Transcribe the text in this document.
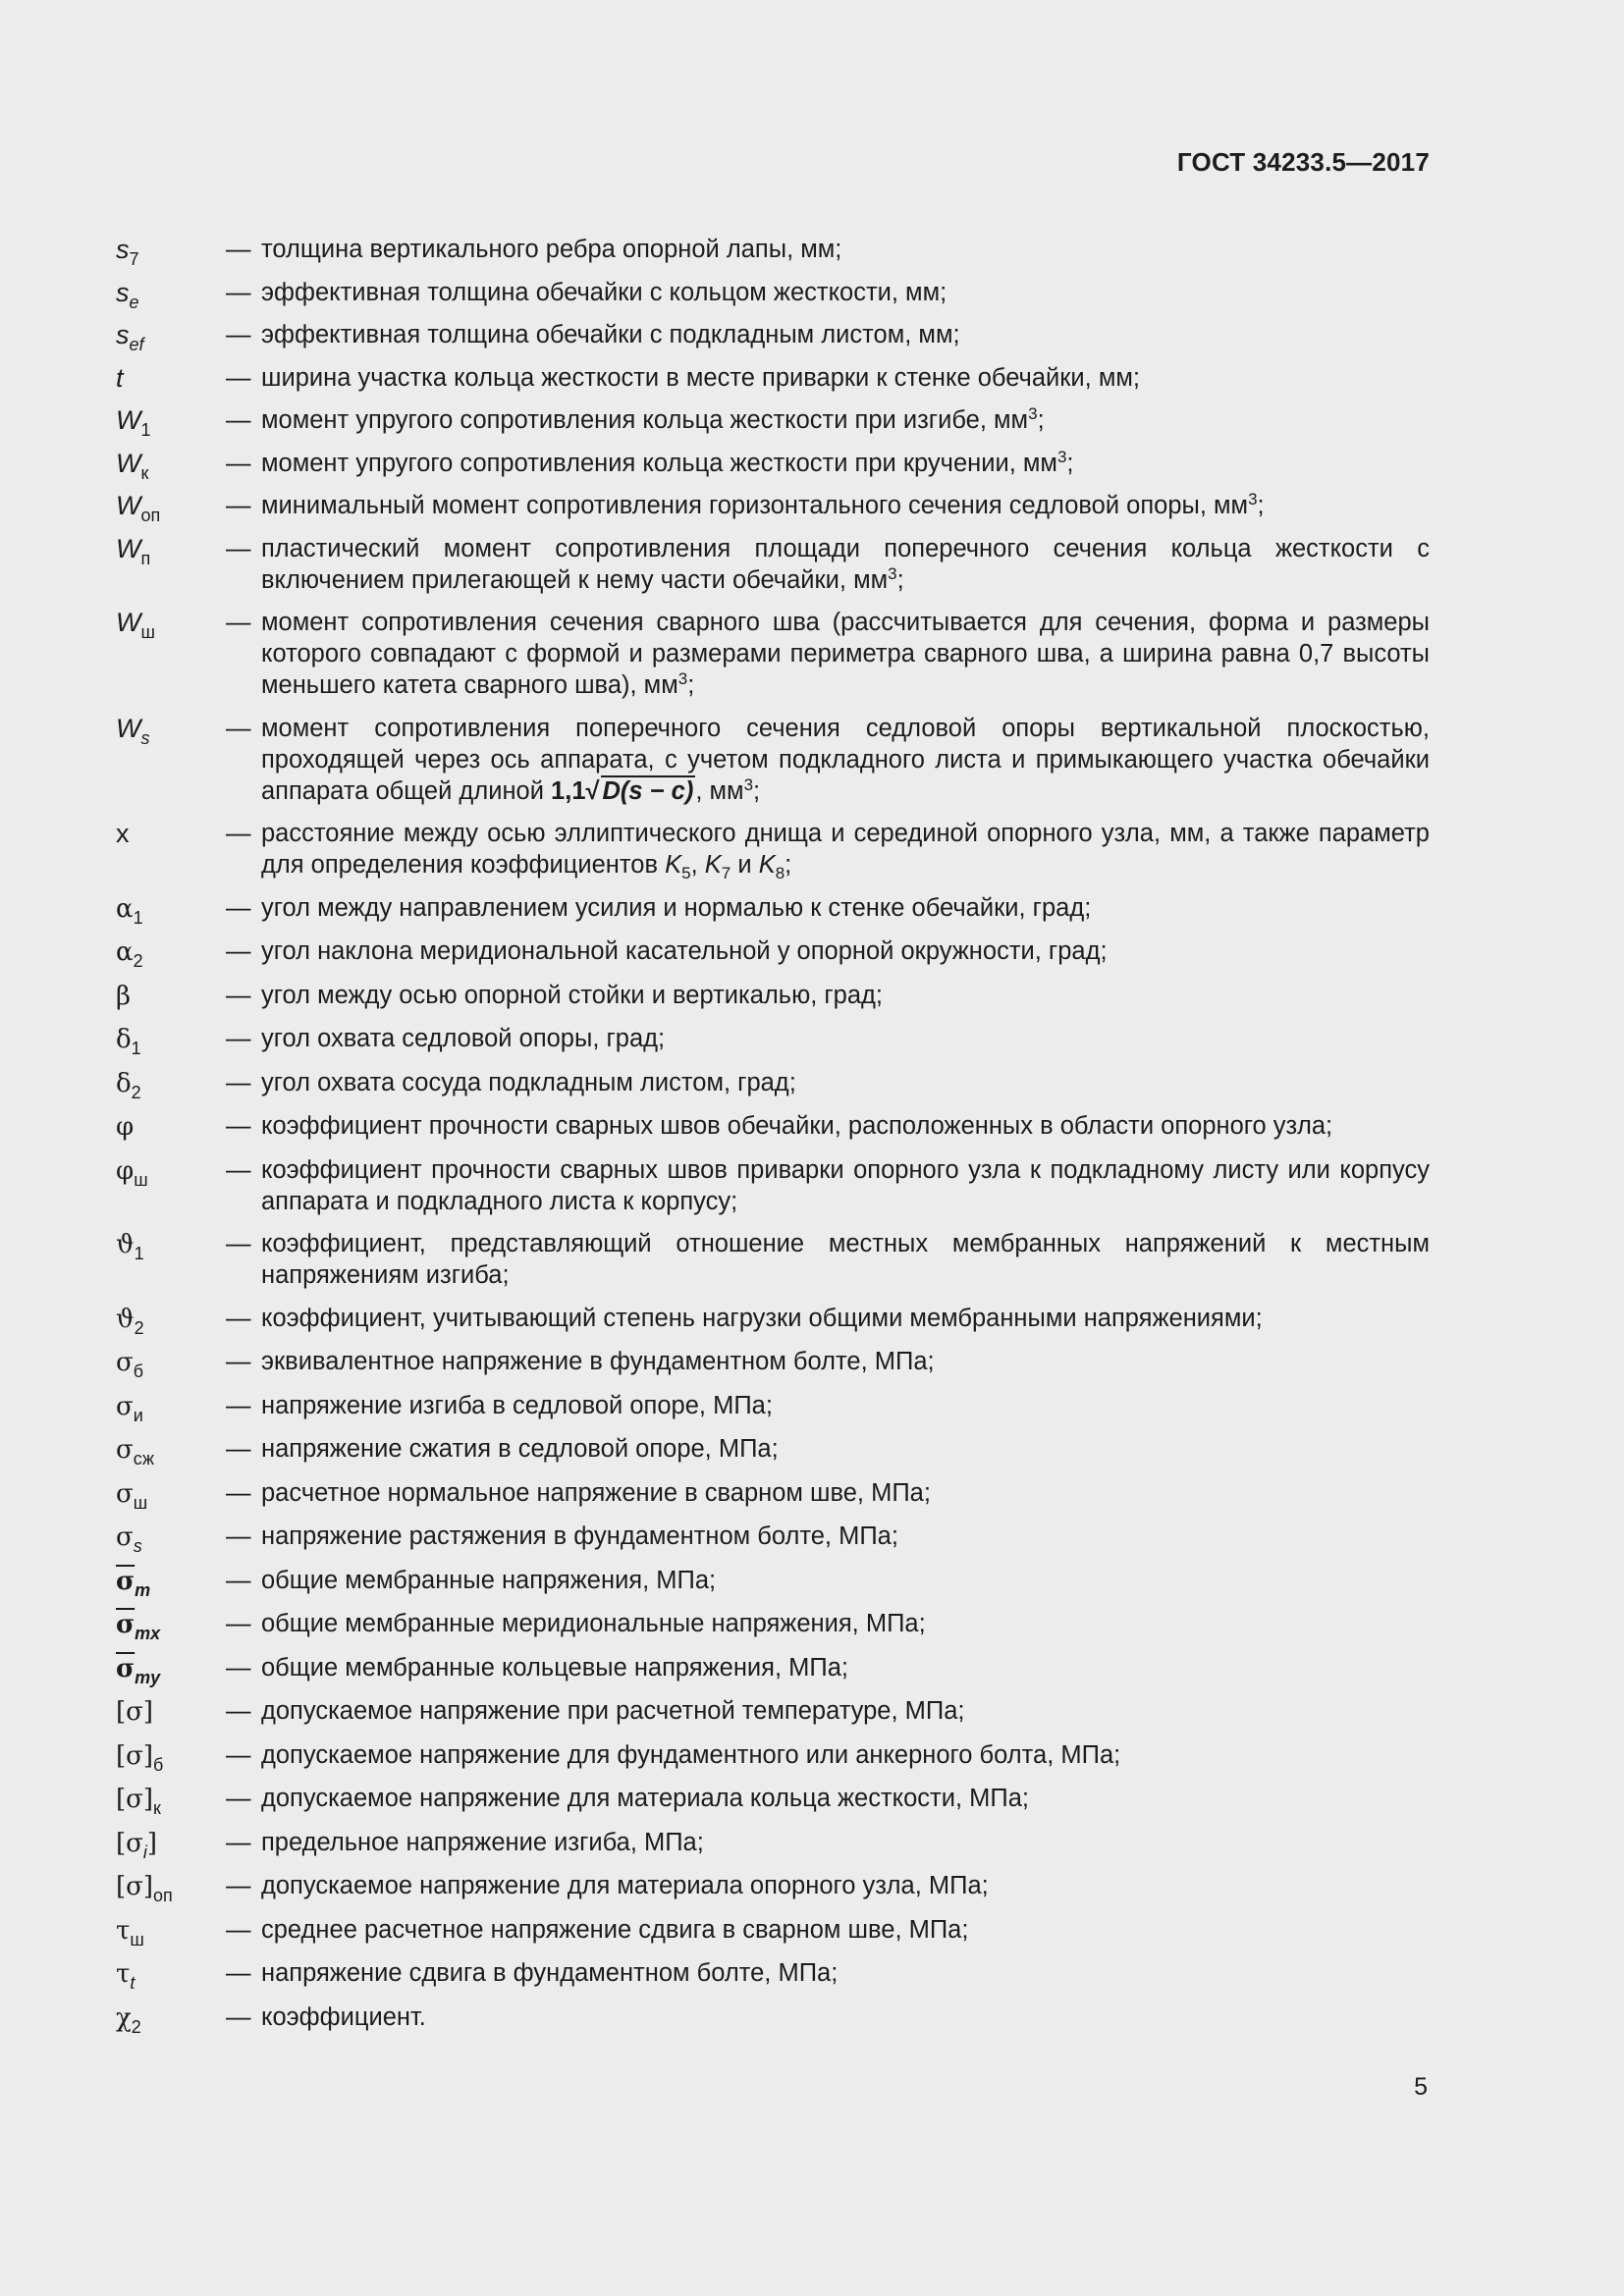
ГОСТ 34233.5—2017
$s_7$	— толщина вертикального ребра опорной лапы, мм;
$s_e$	— эффективная толщина обечайки с кольцом жесткости, мм;
$s_{ef}$	— эффективная толщина обечайки с подкладным листом, мм;
t	— ширина участка кольца жесткости в месте приварки к стенке обечайки, мм;
$W_1$	— момент упругого сопротивления кольца жесткости при изгибе, $мм^3$;
$W_к$	— момент упругого сопротивления кольца жесткости при кручении, $мм^3$;
$W_{оп}$	— минимальный момент сопротивления горизонтального сечения седловой опоры, $мм^3$;
$W_п$	— пластический момент сопротивления площади поперечного сечения кольца жесткости с включением прилегающей к нему части обечайки, $мм^3$;
$W_ш$	— момент сопротивления сечения сварного шва (рассчитывается для сечения, форма и размеры которого совпадают с формой и размерами периметра сварного шва, а ширина равна 0,7 высоты меньшего катета сварного шва), $мм^3$;
$W_s$	— момент сопротивления поперечного сечения седловой опоры вертикальной плоскостью, проходящей через ось аппарата, с учетом подкладного листа и примыкающего участка обечайки аппарата общей длиной 1,1√ D(s − c), $мм^3$;
x	— расстояние между осью эллиптического днища и серединой опорного узла, мм, а также параметр для определения коэффициентов $K_5$, $K_7$ и $K_8$;
$\alpha_1$	— угол между направлением усилия и нормалью к стенке обечайки, град;
$\alpha_2$	— угол наклона меридиональной касательной у опорной окружности, град;
β	— угол между осью опорной стойки и вертикалью, град;
$\delta_1$	— угол охвата седловой опоры, град;
$\delta_2$	— угол охвата сосуда подкладным листом, град;
φ	— коэффициент прочности сварных швов обечайки, расположенных в области опорного узла;
$\varphi_ш$	— коэффициент прочности сварных швов приварки опорного узла к подкладному листу или корпусу аппарата и подкладного листа к корпусу;
$ϑ_1$	— коэффициент, представляющий отношение местных мембранных напряжений к местным напряжениям изгиба;
$ϑ_2$	— коэффициент, учитывающий степень нагрузки общими мембранными напряжениями;
$\sigma_б$	— эквивалентное напряжение в фундаментном болте, МПа;
$\sigma_и$	— напряжение изгиба в седловой опоре, МПа;
$\sigma_{сж}$	— напряжение сжатия в седловой опоре, МПа;
$\sigma_ш$	— расчетное нормальное напряжение в сварном шве, МПа;
$\sigma_s$	— напряжение растяжения в фундаментном болте, МПа;
$\overline{\sigma}_m$	— общие мембранные напряжения, МПа;
$\overline{\sigma}_{mx}$	— общие мембранные меридиональные напряжения, МПа;
$\overline{\sigma}_{my}$	— общие мембранные кольцевые напряжения, МПа;
[σ]	— допускаемое напряжение при расчетной температуре, МПа;
$[\sigma]_б$	— допускаемое напряжение для фундаментного или анкерного болта, МПа;
$[\sigma]_к$	— допускаемое напряжение для материала кольца жесткости, МПа;
$[\sigma_i]$	— предельное напряжение изгиба, МПа;
$[\sigma]_{оп}$	— допускаемое напряжение для материала опорного узла, МПа;
$\tau_ш$	— среднее расчетное напряжение сдвига в сварном шве, МПа;
$\tau_t$	— напряжение сдвига в фундаментном болте, МПа;
$\chi_2$	— коэффициент.
5
